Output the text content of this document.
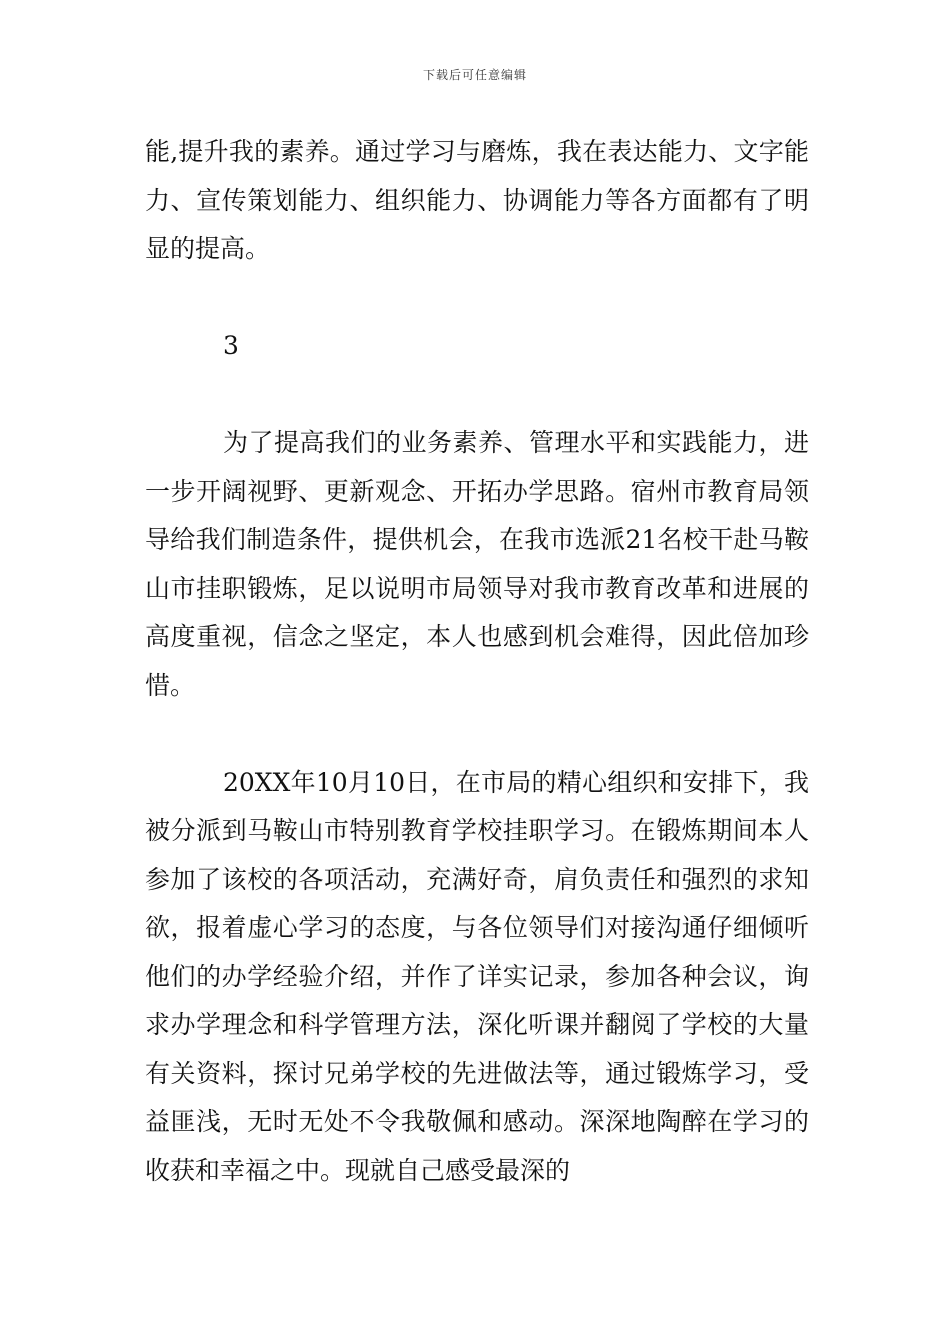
下载后可任意编辑

能,提升我的素养。通过学习与磨炼，我在表达能力、文字能力、宣传策划能力、组织能力、协调能力等各方面都有了明显的提高。

3

为了提高我们的业务素养、管理水平和实践能力，进一步开阔视野、更新观念、开拓办学思路。宿州市教育局领导给我们制造条件，提供机会，在我市选派21名校干赴马鞍山市挂职锻炼，足以说明市局领导对我市教育改革和进展的高度重视，信念之坚定，本人也感到机会难得，因此倍加珍惜。

20XX年10月10日，在市局的精心组织和安排下，我被分派到马鞍山市特别教育学校挂职学习。在锻炼期间本人参加了该校的各项活动，充满好奇，肩负责任和强烈的求知欲，报着虚心学习的态度，与各位领导们对接沟通仔细倾听他们的办学经验介绍，并作了详实记录，参加各种会议，询求办学理念和科学管理方法，深化听课并翻阅了学校的大量有关资料，探讨兄弟学校的先进做法等，通过锻炼学习，受益匪浅，无时无处不令我敬佩和感动。深深地陶醉在学习的收获和幸福之中。现就自己感受最深的
